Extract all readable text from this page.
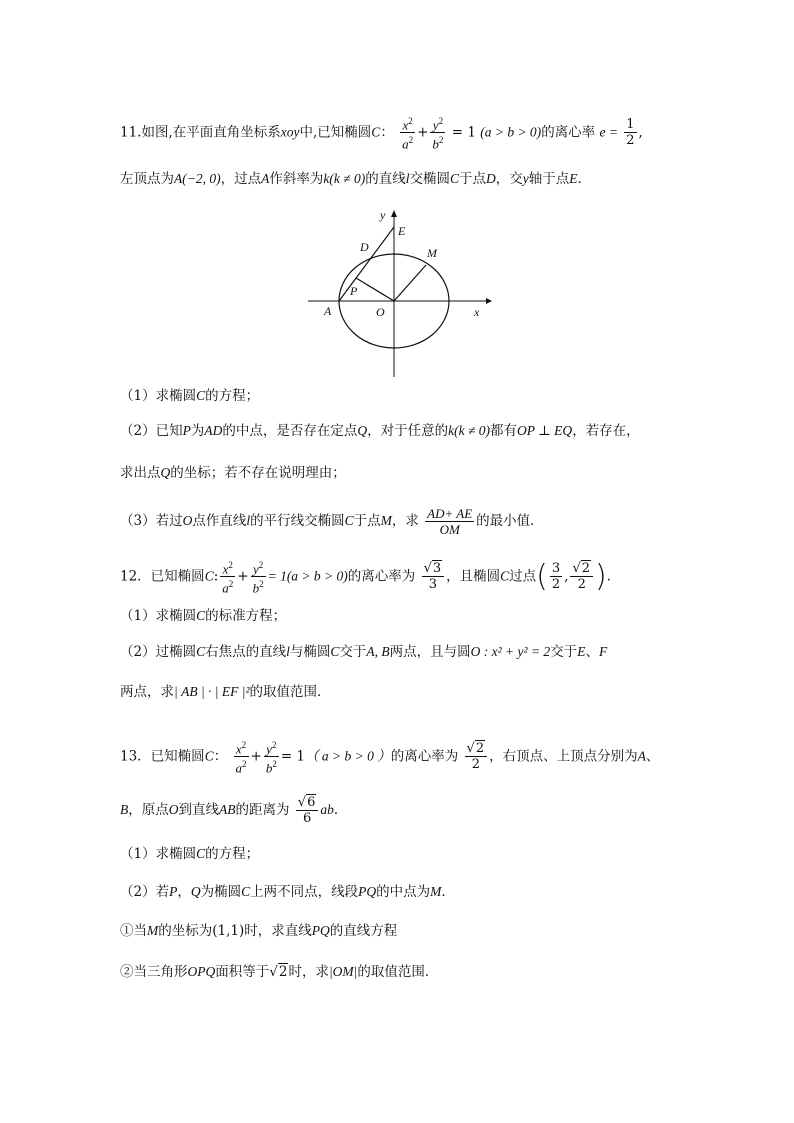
11.如图,在平面直角坐标系xoy中,已知椭圆C： $\frac{x^2}{a^2} + \frac{y^2}{b^2} = 1$ (a > b > 0)的离心率 $e = \frac{1}{2}$ ,
左顶点为A(−2, 0)，过点A作斜率为k(k ≠ 0)的直线l交椭圆C于点D，交y轴于点E．
y
E
D	M
P
A	O	x
（1）求椭圆C的方程；
（2）已知P为AD的中点，是否存在定点Q，对于任意的k(k ≠ 0)都有OP ⊥ EQ，若存在，
求出点Q的坐标；若不存在说明理由；
（3）若过O点作直线l的平行线交椭圆C于点M，求 $\frac{AD+ AE}{OM}$ 的最小值．
12．已知椭圆C: $\frac{x^2}{a^2} + \frac{y^2}{b^2} = 1(a > b > 0)$的离心率为 $\frac{√3}{3}$ ，且椭圆C过点( $\frac{3}{2}$ , $\frac{√2}{2}$ )．
（1）求椭圆C的标准方程；
（2）过椭圆C右焦点的直线l与椭圆C交于A, B两点，且与圆O : x² + y² = 2交于E、F
两点，求| AB | · | EF |²的取值范围．
13．已知椭圆C： $\frac{x^2}{a^2} + \frac{y^2}{b^2} = 1$（ a > b > 0 ）的离心率为 $\frac{√2}{2}$ ，右顶点、上顶点分别为A、
B，原点O到直线AB的距离为 $\frac{√6}{6}$ ab．
（1）求椭圆C的方程；
（2）若P，Q为椭圆C上两不同点，线段PQ的中点为M．
①当M的坐标为(1,1)时，求直线PQ的直线方程
②当三角形OPQ面积等于√2时，求|OM|的取值范围．
